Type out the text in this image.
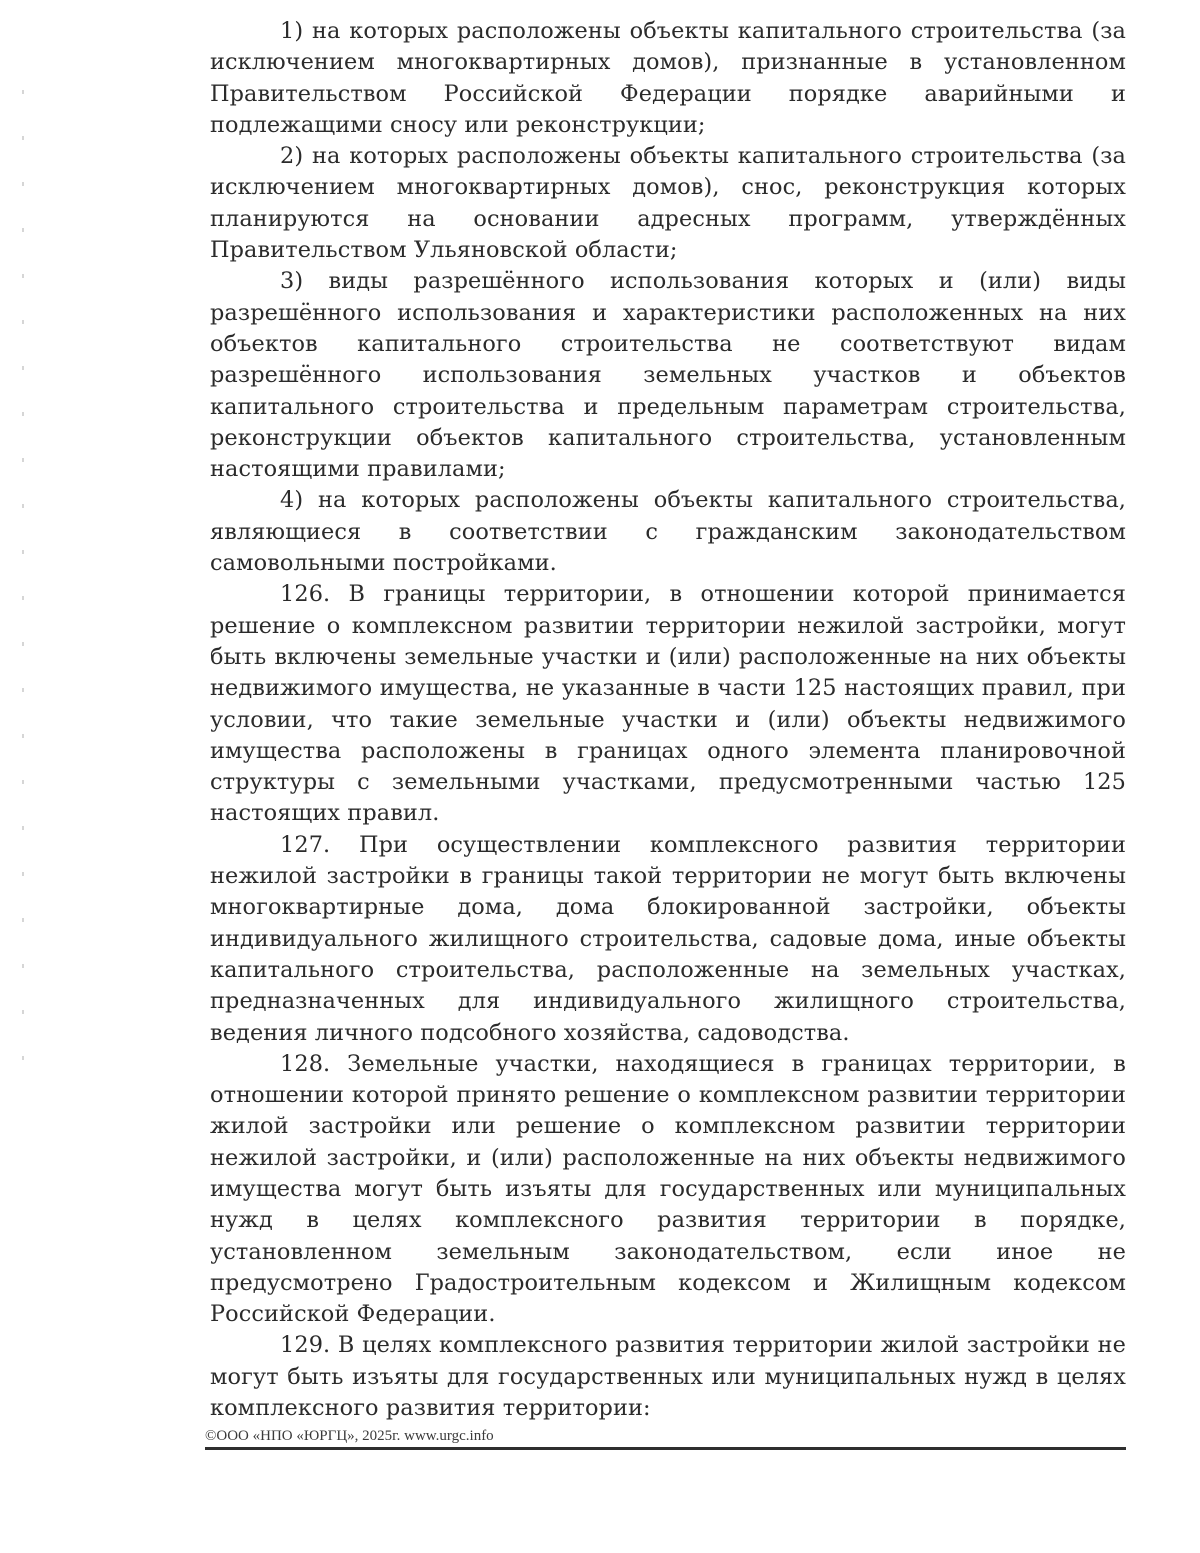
1) на которых расположены объекты капитального строительства (за исключением многоквартирных домов), признанные в установленном Правительством Российской Федерации порядке аварийными и подлежащими сносу или реконструкции;

2) на которых расположены объекты капитального строительства (за исключением многоквартирных домов), снос, реконструкция которых планируются на основании адресных программ, утверждённых Правительством Ульяновской области;

3) виды разрешённого использования которых и (или) виды разрешённого использования и характеристики расположенных на них объектов капитального строительства не соответствуют видам разрешённого использования земельных участков и объектов капитального строительства и предельным параметрам строительства, реконструкции объектов капитального строительства, установленным настоящими правилами;

4) на которых расположены объекты капитального строительства, являющиеся в соответствии с гражданским законодательством самовольными постройками.

126. В границы территории, в отношении которой принимается решение о комплексном развитии территории нежилой застройки, могут быть включены земельные участки и (или) расположенные на них объекты недвижимого имущества, не указанные в части 125 настоящих правил, при условии, что такие земельные участки и (или) объекты недвижимого имущества расположены в границах одного элемента планировочной структуры с земельными участками, предусмотренными частью 125 настоящих правил.

127. При осуществлении комплексного развития территории нежилой застройки в границы такой территории не могут быть включены многоквартирные дома, дома блокированной застройки, объекты индивидуального жилищного строительства, садовые дома, иные объекты капитального строительства, расположенные на земельных участках, предназначенных для индивидуального жилищного строительства, ведения личного подсобного хозяйства, садоводства.

128. Земельные участки, находящиеся в границах территории, в отношении которой принято решение о комплексном развитии территории жилой застройки или решение о комплексном развитии территории нежилой застройки, и (или) расположенные на них объекты недвижимого имущества могут быть изъяты для государственных или муниципальных нужд в целях комплексного развития территории в порядке, установленном земельным законодательством, если иное не предусмотрено Градостроительным кодексом и Жилищным кодексом Российской Федерации.

129. В целях комплексного развития территории жилой застройки не могут быть изъяты для государственных или муниципальных нужд в целях комплексного развития территории:

©ООО «НПО «ЮРГЦ», 2025г. www.urgc.info
